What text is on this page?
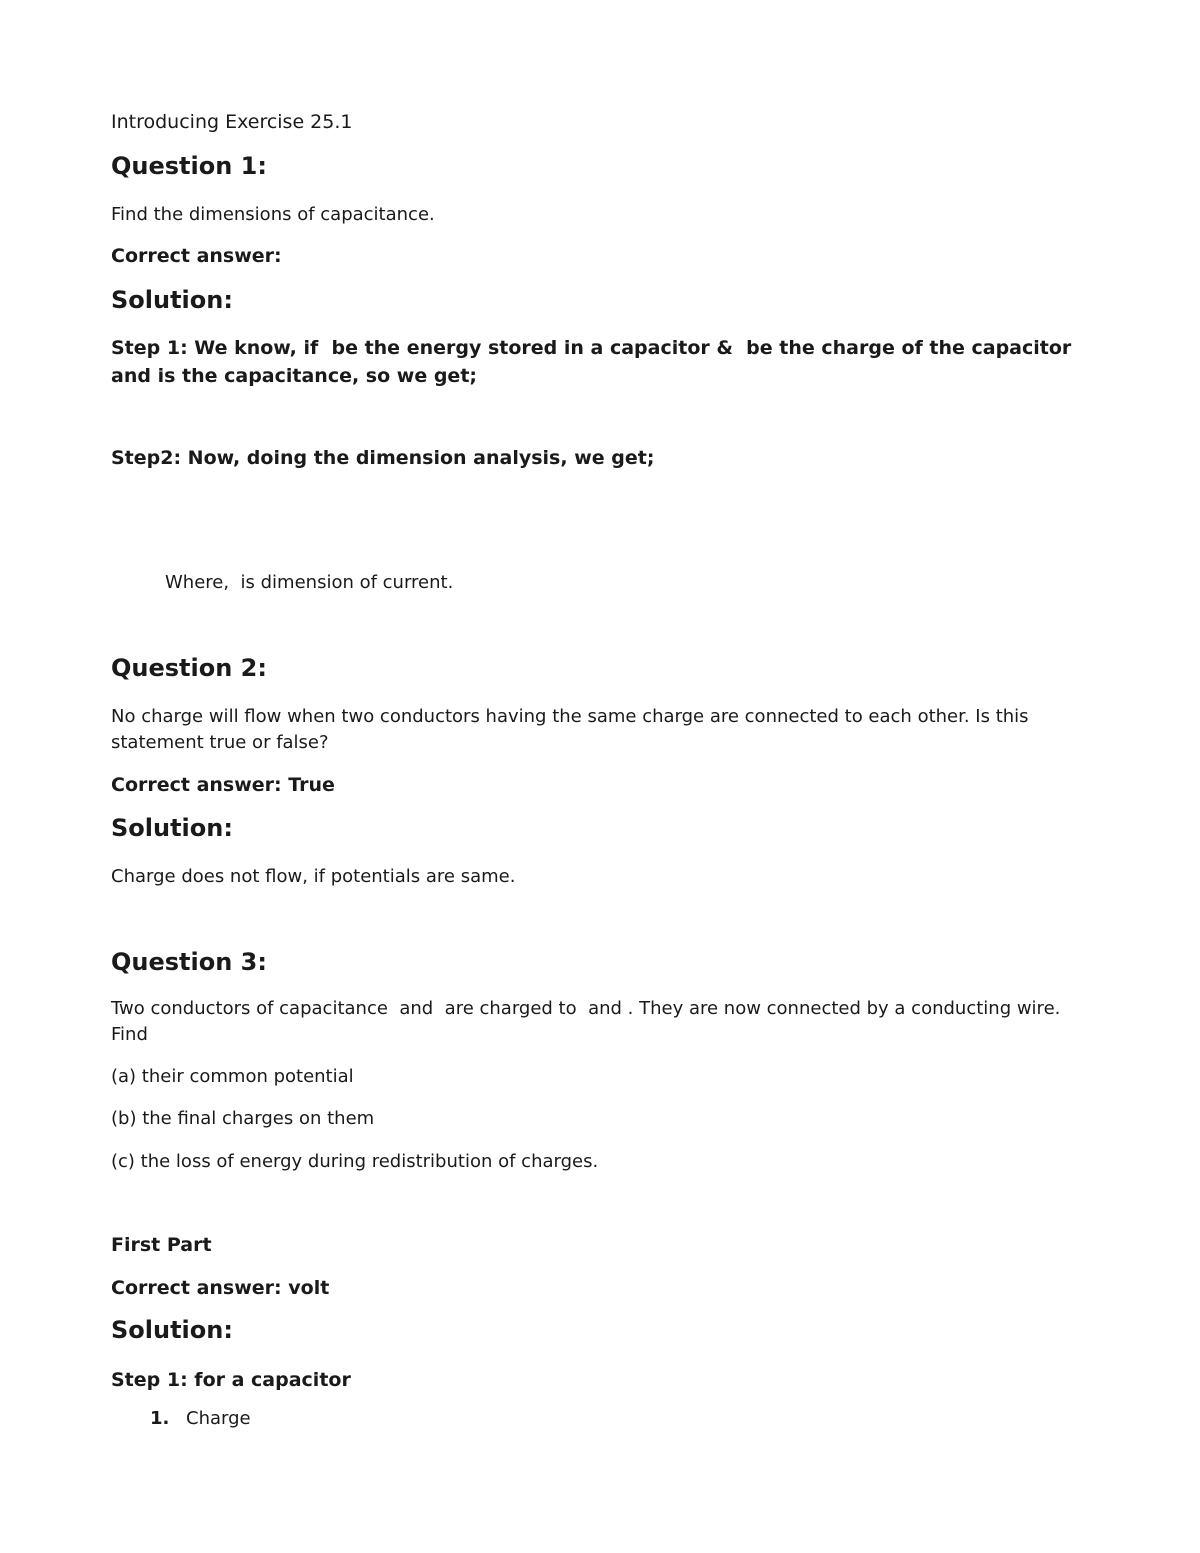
Introducing Exercise 25.1

Question 1:

Find the dimensions of capacitance.

Correct answer:

Solution:

Step 1: We know, if  be the energy stored in a capacitor &  be the charge of the capacitor and is the capacitance, so we get;

Step2: Now, doing the dimension analysis, we get;

Where,  is dimension of current.

Question 2:

No charge will flow when two conductors having the same charge are connected to each other. Is this statement true or false?

Correct answer: True

Solution:

Charge does not flow, if potentials are same.

Question 3:

Two conductors of capacitance  and  are charged to  and . They are now connected by a conducting wire. Find

(a) their common potential

(b) the final charges on them

(c) the loss of energy during redistribution of charges.

First Part

Correct answer: volt

Solution:

Step 1: for a capacitor

1. Charge
